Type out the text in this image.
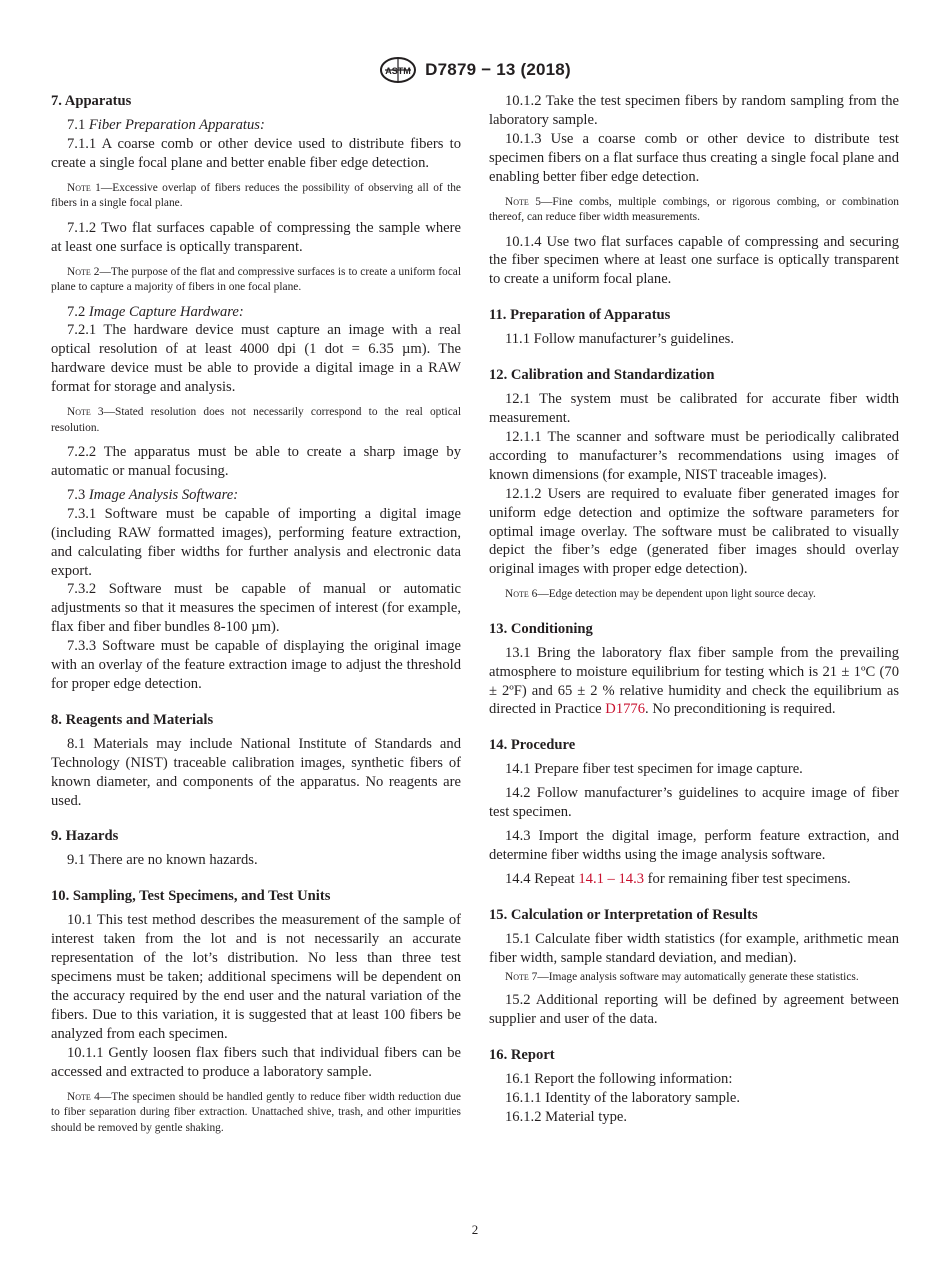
ASTM D7879 − 13 (2018)
7. Apparatus

7.1 Fiber Preparation Apparatus:

7.1.1 A coarse comb or other device used to distribute fibers to create a single focal plane and better enable fiber edge detection.

Note 1—Excessive overlap of fibers reduces the possibility of observing all of the fibers in a single focal plane.

7.1.2 Two flat surfaces capable of compressing the sample where at least one surface is optically transparent.

Note 2—The purpose of the flat and compressive surfaces is to create a uniform focal plane to capture a majority of fibers in one focal plane.

7.2 Image Capture Hardware:

7.2.1 The hardware device must capture an image with a real optical resolution of at least 4000 dpi (1 dot = 6.35 µm). The hardware device must be able to provide a digital image in a RAW format for storage and analysis.

Note 3—Stated resolution does not necessarily correspond to the real optical resolution.

7.2.2 The apparatus must be able to create a sharp image by automatic or manual focusing.

7.3 Image Analysis Software:

7.3.1 Software must be capable of importing a digital image (including RAW formatted images), performing feature extraction, and calculating fiber widths for further analysis and electronic data export.

7.3.2 Software must be capable of manual or automatic adjustments so that it measures the specimen of interest (for example, flax fiber and fiber bundles 8-100 µm).

7.3.3 Software must be capable of displaying the original image with an overlay of the feature extraction image to adjust the threshold for proper edge detection.

8. Reagents and Materials

8.1 Materials may include National Institute of Standards and Technology (NIST) traceable calibration images, synthetic fibers of known diameter, and components of the apparatus. No reagents are used.

9. Hazards

9.1 There are no known hazards.

10. Sampling, Test Specimens, and Test Units

10.1 This test method describes the measurement of the sample of interest taken from the lot and is not necessarily an accurate representation of the lot’s distribution. No less than three test specimens must be taken; additional specimens will be dependent on the accuracy required by the end user and the natural variation of the fibers. Due to this variation, it is suggested that at least 100 fibers be analyzed from each specimen.

10.1.1 Gently loosen flax fibers such that individual fibers can be accessed and extracted to produce a laboratory sample.

Note 4—The specimen should be handled gently to reduce fiber width reduction due to fiber separation during fiber extraction. Unattached shive, trash, and other impurities should be removed by gentle shaking.

10.1.2 Take the test specimen fibers by random sampling from the laboratory sample.

10.1.3 Use a coarse comb or other device to distribute test specimen fibers on a flat surface thus creating a single focal plane and enabling better fiber edge detection.

Note 5—Fine combs, multiple combings, or rigorous combing, or combination thereof, can reduce fiber width measurements.

10.1.4 Use two flat surfaces capable of compressing and securing the fiber specimen where at least one surface is optically transparent to create a uniform focal plane.

11. Preparation of Apparatus

11.1 Follow manufacturer’s guidelines.

12. Calibration and Standardization

12.1 The system must be calibrated for accurate fiber width measurement.

12.1.1 The scanner and software must be periodically calibrated according to manufacturer’s recommendations using images of known dimensions (for example, NIST traceable images).

12.1.2 Users are required to evaluate fiber generated images for uniform edge detection and optimize the software parameters for optimal image overlay. The software must be calibrated to visually depict the fiber’s edge (generated fiber images should overlay original images with proper edge detection).

Note 6—Edge detection may be dependent upon light source decay.
13. Conditioning

13.1 Bring the laboratory flax fiber sample from the prevailing atmosphere to moisture equilibrium for testing which is 21 ± 1ºC (70 ± 2ºF) and 65 ± 2 % relative humidity and check the equilibrium as directed in Practice D1776. No preconditioning is required.

14. Procedure

14.1 Prepare fiber test specimen for image capture.

14.2 Follow manufacturer’s guidelines to acquire image of fiber test specimen.

14.3 Import the digital image, perform feature extraction, and determine fiber widths using the image analysis software.

14.4 Repeat 14.1 – 14.3 for remaining fiber test specimens.

15. Calculation or Interpretation of Results

15.1 Calculate fiber width statistics (for example, arithmetic mean fiber width, sample standard deviation, and median).

Note 7—Image analysis software may automatically generate these statistics.

15.2 Additional reporting will be defined by agreement between supplier and user of the data.

16. Report

16.1 Report the following information:

16.1.1 Identity of the laboratory sample.

16.1.2 Material type.

2
